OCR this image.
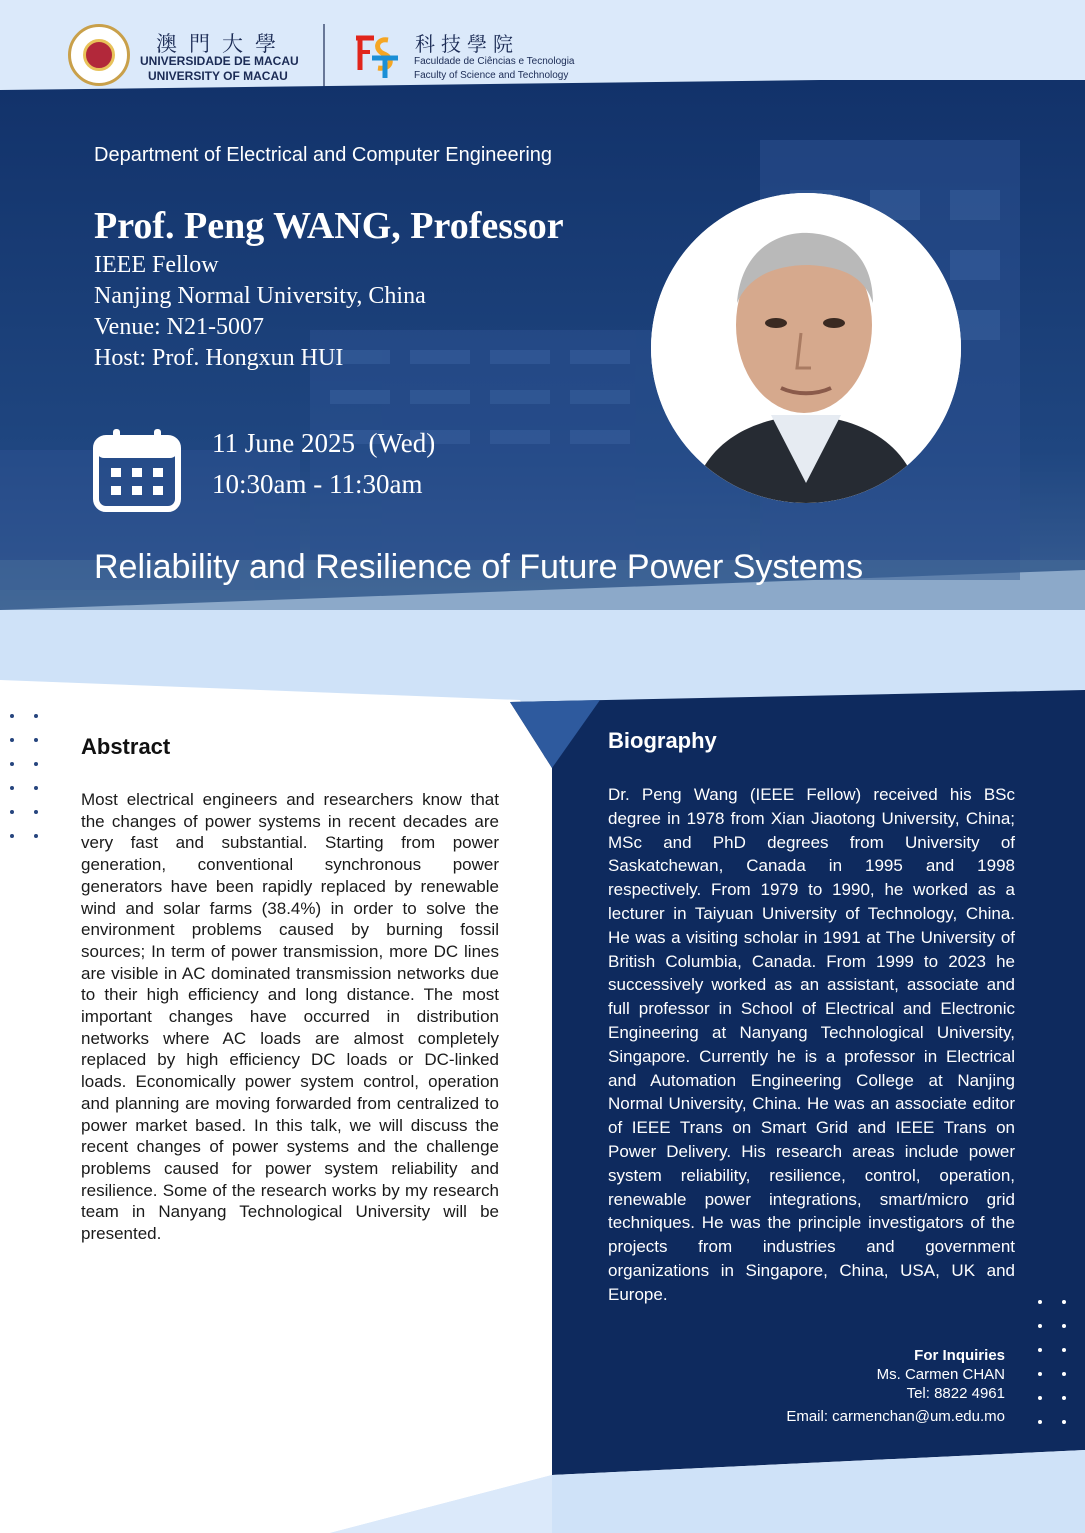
澳門大學
UNIVERSIDADE DE MACAU
UNIVERSITY OF MACAU
科技學院
Faculdade de Ciências e Tecnologia
Faculty of Science and Technology
Department of Electrical and Computer Engineering
Prof. Peng WANG, Professor
IEEE Fellow
Nanjing Normal University, China
Venue: N21-5007
Host: Prof. Hongxun HUI
11 June 2025  (Wed)
10:30am - 11:30am
Reliability and Resilience of Future Power Systems
Abstract
Most electrical engineers and researchers know that the changes of power systems in recent decades are very fast and substantial. Starting from power generation, conventional synchronous power generators have been rapidly replaced by renewable wind and solar farms (38.4%) in order to solve the environment problems caused by burning fossil sources; In term of power transmission, more DC lines are visible in AC dominated transmission networks due to their high efficiency and long distance. The most important changes have occurred in distribution networks where AC loads are almost completely replaced by high efficiency DC loads or DC-linked loads. Economically power system control, operation and planning are moving forwarded from centralized to power market based. In this talk, we will discuss the recent changes of power systems and the challenge problems caused for power system reliability and resilience. Some of the research works by my research team in Nanyang Technological University will be presented.
Biography
Dr. Peng Wang (IEEE Fellow) received his BSc degree in 1978 from Xian Jiaotong University, China; MSc and PhD degrees from University of Saskatchewan, Canada in 1995 and 1998 respectively. From 1979 to 1990, he worked as a lecturer in Taiyuan University of Technology, China. He was a visiting scholar in 1991 at The University of British Columbia, Canada. From 1999 to 2023 he successively worked as an assistant, associate and full professor in School of Electrical and Electronic Engineering at Nanyang Technological University, Singapore. Currently he is a professor in Electrical and Automation Engineering College at Nanjing Normal University, China. He was an associate editor of IEEE Trans on Smart Grid and IEEE Trans on Power Delivery. His research areas include power system reliability, resilience, control, operation, renewable power integrations, smart/micro grid techniques. He was the principle investigators of the projects from industries and government organizations in Singapore, China, USA, UK and Europe.
For Inquiries
Ms. Carmen CHAN
Tel: 8822 4961
Email: carmenchan@um.edu.mo
